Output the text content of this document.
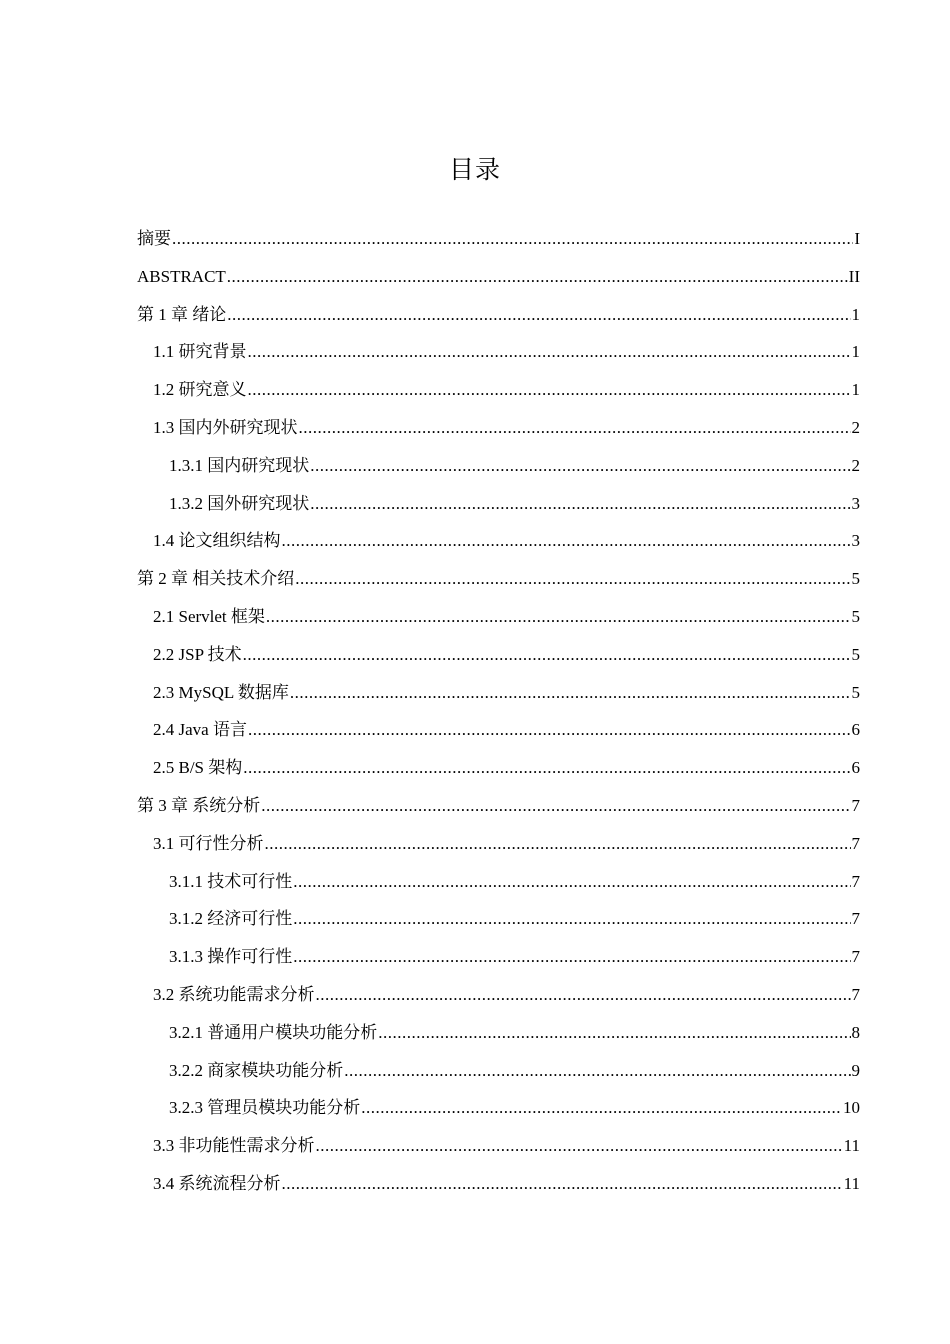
目录
摘要 .....	I
ABSTRACT .....	II
第 1 章 绪论 .....	1
1.1 研究背景 .....	1
1.2 研究意义 .....	1
1.3 国内外研究现状 .....	2
1.3.1 国内研究现状 .....	2
1.3.2 国外研究现状 .....	3
1.4 论文组织结构 .....	3
第 2 章 相关技术介绍 .....	5
2.1 Servlet 框架 .....	5
2.2 JSP 技术 .....	5
2.3 MySQL 数据库 .....	5
2.4 Java 语言 .....	6
2.5 B/S 架构 .....	6
第 3 章 系统分析 .....	7
3.1 可行性分析 .....	7
3.1.1 技术可行性 .....	7
3.1.2 经济可行性 .....	7
3.1.3 操作可行性 .....	7
3.2 系统功能需求分析 .....	7
3.2.1 普通用户模块功能分析 .....	8
3.2.2 商家模块功能分析 .....	9
3.2.3 管理员模块功能分析 .....	10
3.3 非功能性需求分析 .....	11
3.4 系统流程分析 .....	11
